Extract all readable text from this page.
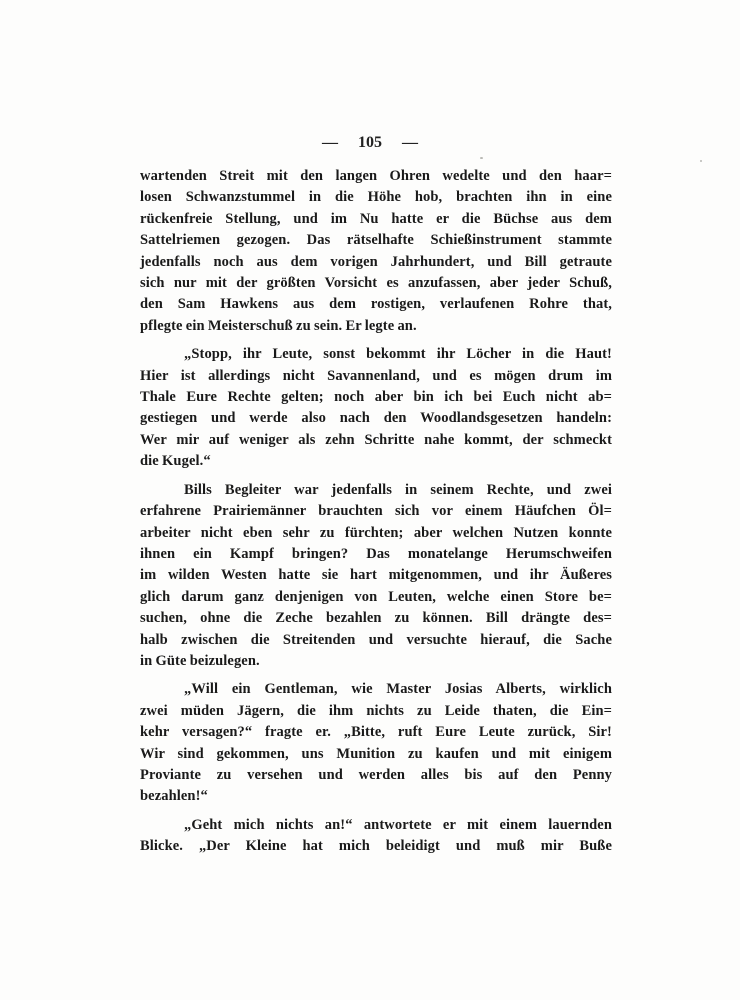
— 105 —
wartenden Streit mit den langen Ohren wedelte und den haar=
losen Schwanzstummel in die Höhe hob, brachten ihn in eine
rückenfreie Stellung, und im Nu hatte er die Büchse aus dem
Sattelriemen gezogen. Das rätselhafte Schießinstrument stammte
jedenfalls noch aus dem vorigen Jahrhundert, und Bill getraute
sich nur mit der größten Vorsicht es anzufassen, aber jeder Schuß,
den Sam Hawkens aus dem rostigen, verlaufenen Rohre that,
pflegte ein Meisterschuß zu sein. Er legte an.
„Stopp, ihr Leute, sonst bekommt ihr Löcher in die Haut!
Hier ist allerdings nicht Savannenland, und es mögen drum im
Thale Eure Rechte gelten; noch aber bin ich bei Euch nicht ab=
gestiegen und werde also nach den Woodlandsgesetzen handeln:
Wer mir auf weniger als zehn Schritte nahe kommt, der schmeckt
die Kugel.“
Bills Begleiter war jedenfalls in seinem Rechte, und zwei
erfahrene Prairiemänner brauchten sich vor einem Häufchen Öl=
arbeiter nicht eben sehr zu fürchten; aber welchen Nutzen konnte
ihnen ein Kampf bringen? Das monatelange Herumschweifen
im wilden Westen hatte sie hart mitgenommen, und ihr Äußeres
glich darum ganz denjenigen von Leuten, welche einen Store be=
suchen, ohne die Zeche bezahlen zu können. Bill drängte des=
halb zwischen die Streitenden und versuchte hierauf, die Sache
in Güte beizulegen.
„Will ein Gentleman, wie Master Josias Alberts, wirklich
zwei müden Jägern, die ihm nichts zu Leide thaten, die Ein=
kehr versagen?“ fragte er. „Bitte, ruft Eure Leute zurück, Sir!
Wir sind gekommen, uns Munition zu kaufen und mit einigem
Proviante zu versehen und werden alles bis auf den Penny
bezahlen!“
„Geht mich nichts an!“ antwortete er mit einem lauernden
Blicke. „Der Kleine hat mich beleidigt und muß mir Buße
